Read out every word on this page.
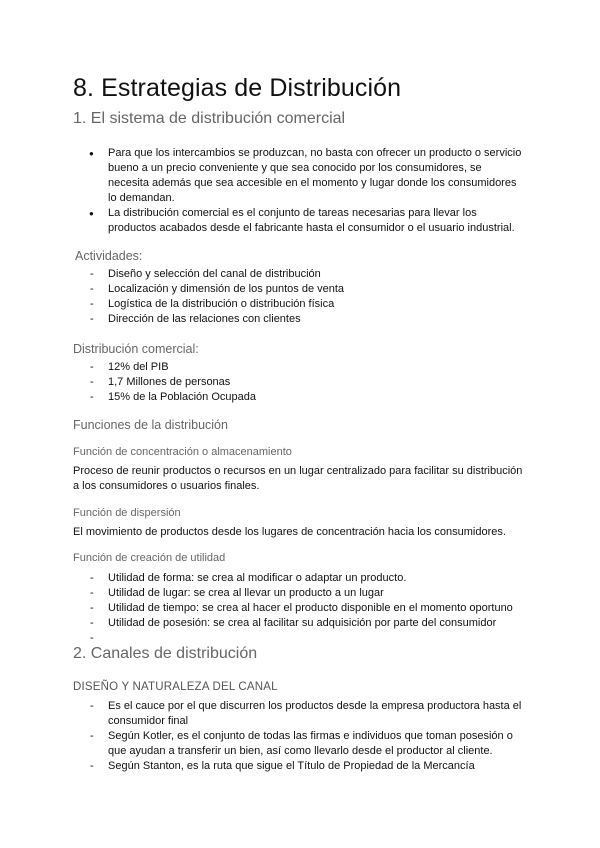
8. Estrategias de Distribución
1. El sistema de distribución comercial
● Para que los intercambios se produzcan, no basta con ofrecer un producto o servicio
bueno a un precio conveniente y que sea conocido por los consumidores, se
necesita además que sea accesible en el momento y lugar donde los consumidores
lo demandan.
● La distribución comercial es el conjunto de tareas necesarias para llevar los
productos acabados desde el fabricante hasta el consumidor o el usuario industrial.
Actividades:
- Diseño y selección del canal de distribución
- Localización y dimensión de los puntos de venta
- Logística de la distribución o distribución física
- Dirección de las relaciones con clientes
Distribución comercial:
- 12% del PIB
- 1,7 Millones de personas
- 15% de la Población Ocupada
Funciones de la distribución
Función de concentración o almacenamiento
Proceso de reunir productos o recursos en un lugar centralizado para facilitar su distribución
a los consumidores o usuarios finales.
Función de dispersión
El movimiento de productos desde los lugares de concentración hacia los consumidores.
Función de creación de utilidad
- Utilidad de forma: se crea al modificar o adaptar un producto.
- Utilidad de lugar: se crea al llevar un producto a un lugar
- Utilidad de tiempo: se crea al hacer el producto disponible en el momento oportuno
- Utilidad de posesión: se crea al facilitar su adquisición por parte del consumidor
-
2. Canales de distribución
DISEÑO Y NATURALEZA DEL CANAL
- Es el cauce por el que discurren los productos desde la empresa productora hasta el
consumidor final
- Según Kotler, es el conjunto de todas las firmas e individuos que toman posesión o
que ayudan a transferir un bien, así como llevarlo desde el productor al cliente.
- Según Stanton, es la ruta que sigue el Título de Propiedad de la Mercancía
